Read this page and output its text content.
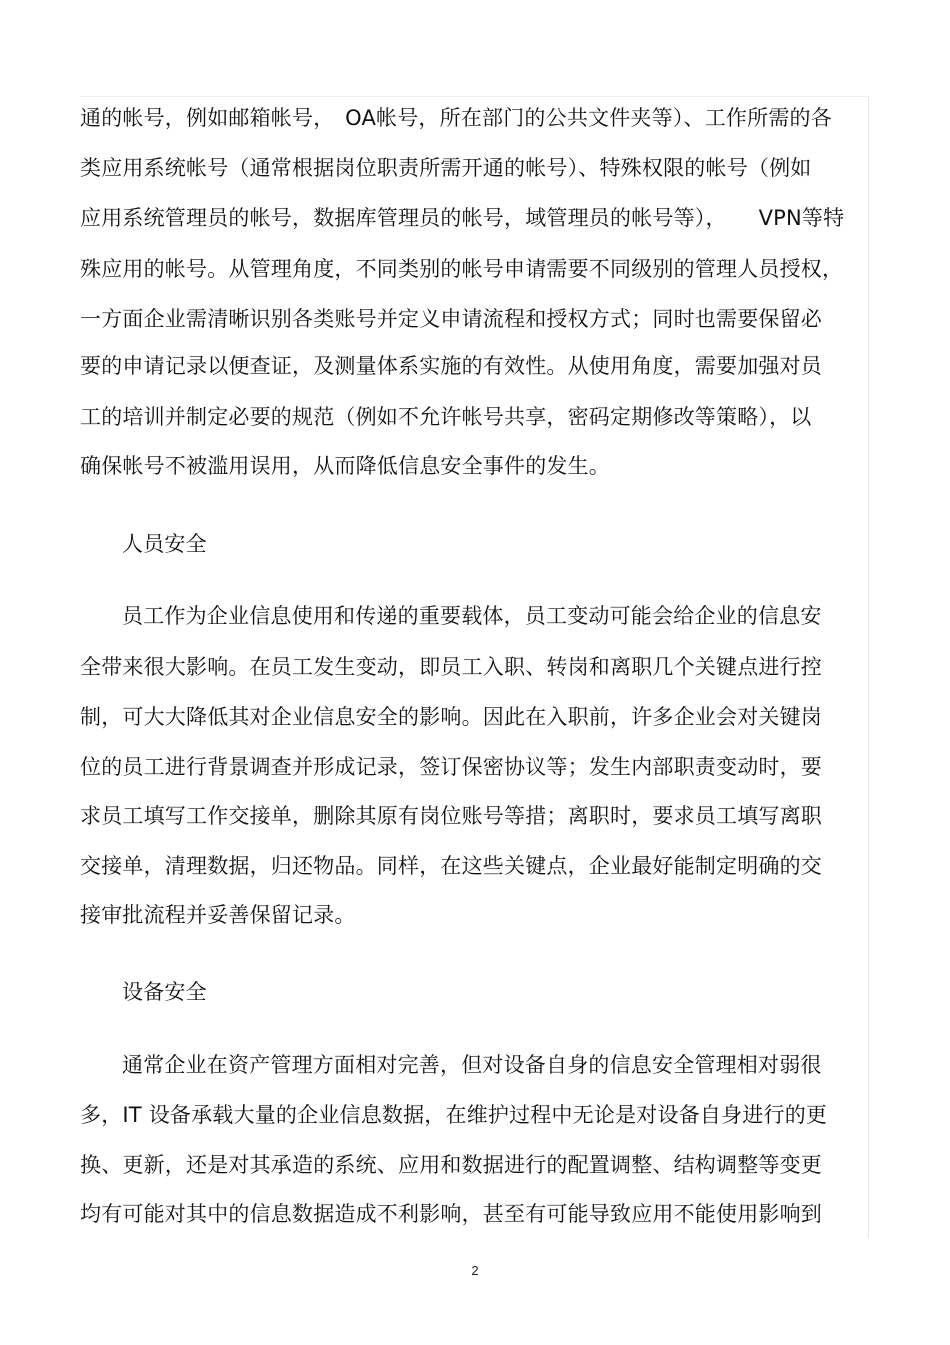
通的帐号，例如邮箱帐号，　OA帐号，所在部门的公共文件夹等）、工作所需的各
类应用系统帐号（通常根据岗位职责所需开通的帐号）、特殊权限的帐号（例如
应用系统管理员的帐号，数据库管理员的帐号，域管理员的帐号等），　　VPN等特
殊应用的帐号。从管理角度，不同类别的帐号申请需要不同级别的管理人员授权，
一方面企业需清晰识别各类账号并定义申请流程和授权方式；同时也需要保留必
要的申请记录以便查证，及测量体系实施的有效性。从使用角度，需要加强对员
工的培训并制定必要的规范（例如不允许帐号共享，密码定期修改等策略），以
确保帐号不被滥用误用，从而降低信息安全事件的发生。
人员安全
员工作为企业信息使用和传递的重要载体，员工变动可能会给企业的信息安
全带来很大影响。在员工发生变动，即员工入职、转岗和离职几个关键点进行控
制，可大大降低其对企业信息安全的影响。因此在入职前，许多企业会对关键岗
位的员工进行背景调查并形成记录，签订保密协议等；发生内部职责变动时，要
求员工填写工作交接单，删除其原有岗位账号等措；离职时，要求员工填写离职
交接单，清理数据，归还物品。同样，在这些关键点，企业最好能制定明确的交
接审批流程并妥善保留记录。
设备安全
通常企业在资产管理方面相对完善，但对设备自身的信息安全管理相对弱很
多，IT 设备承载大量的企业信息数据，在维护过程中无论是对设备自身进行的更
换、更新，还是对其承造的系统、应用和数据进行的配置调整、结构调整等变更
均有可能对其中的信息数据造成不利影响，甚至有可能导致应用不能使用影响到
2
